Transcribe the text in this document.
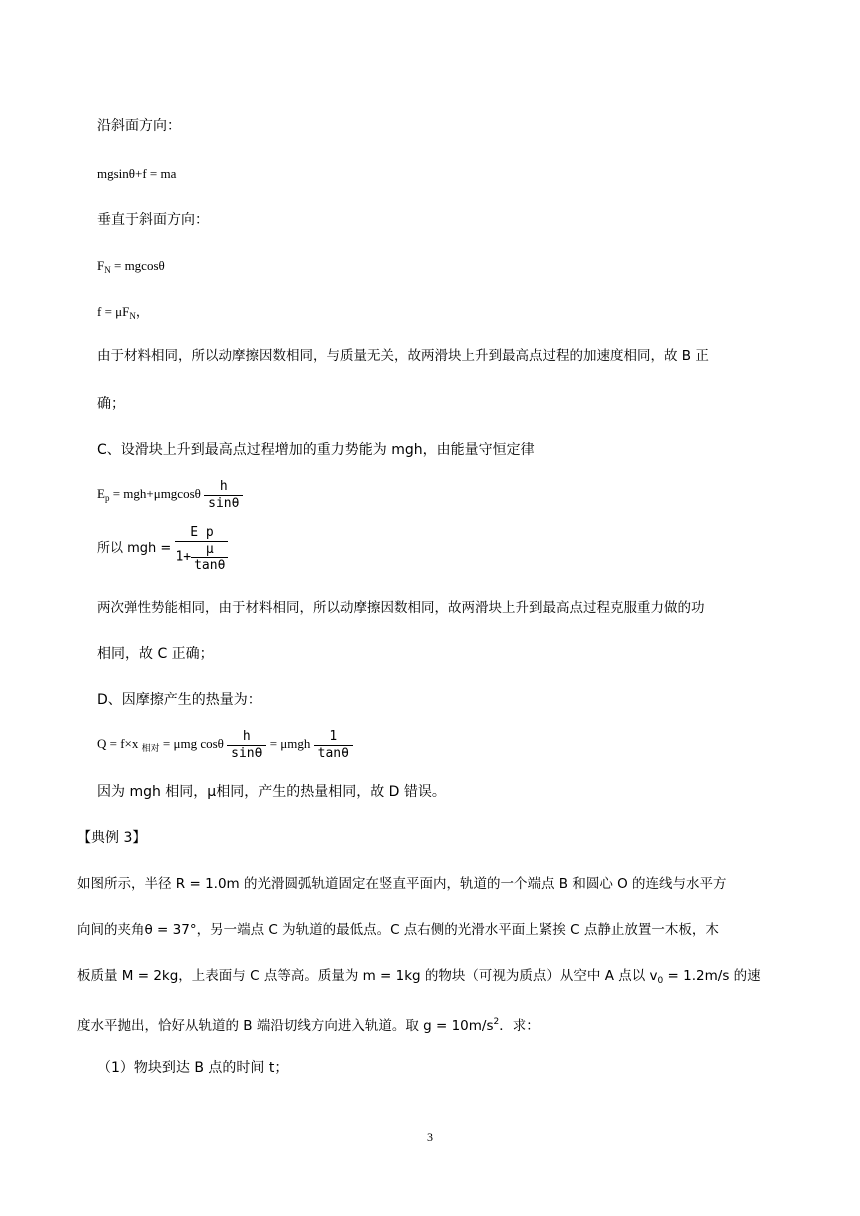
沿斜面方向：
mgsinθ+f = ma
垂直于斜面方向：
$F_N = mgcos\theta$
$f = \mu F_N$，
由于材料相同，所以动摩擦因数相同，与质量无关，故两滑块上升到最高点过程的加速度相同，故 B 正
确；
C、设滑块上升到最高点过程增加的重力势能为 mgh，由能量守恒定律
$E_p = mgh+\mu mgcos\theta \frac{h}{\sin\theta}$
所以 mgh = $\frac{\text{E p}}{1+ \frac{\mu}{\tan\theta}}$
两次弹性势能相同，由于材料相同，所以动摩擦因数相同，故两滑块上升到最高点过程克服重力做的功
相同，故 C 正确；
D、因摩擦产生的热量为：
Q = f×x $_{相对}$ = μmg cosθ $\frac{h}{\sin\theta} = \mu mgh \frac{1}{\tan\theta}$
因为 mgh 相同，μ相同，产生的热量相同，故 D 错误。
【典例 3】
如图所示，半径 R = 1.0m 的光滑圆弧轨道固定在竖直平面内，轨道的一个端点 B 和圆心 O 的连线与水平方
向间的夹角θ = 37°，另一端点 C 为轨道的最低点。C 点右侧的光滑水平面上紧挨 C 点静止放置一木板，木
板质量 M = 2kg，上表面与 C 点等高。质量为 m = 1kg 的物块（可视为质点）从空中 A 点以 $v_0 = 1.2m/s$ 的速
度水平抛出，恰好从轨道的 B 端沿切线方向进入轨道。取 $g = 10m/s^2$．求：
（1）物块到达 B 点的时间 t；
3
